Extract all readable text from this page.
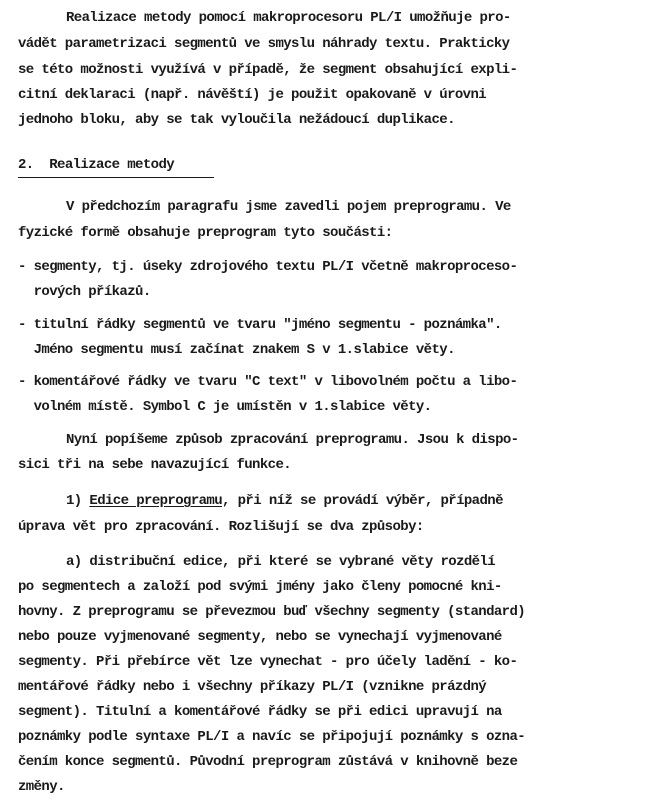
Realizace metody pomocí makroprocesoru PL/I umožňuje pro-
vádět parametrizaci segmentů ve smyslu náhrady textu. Prakticky
se této možnosti využívá v případě, že segment obsahující expli-
citní deklaraci (např. návěští) je použit opakovaně v úrovni
jednoho bloku, aby se tak vyloučila nežádoucí duplikace.
2. Realizace metody
V předchozím paragrafu jsme zavedli pojem preprogramu. Ve
fyzické formě obsahuje preprogram tyto součásti:
- segmenty, tj. úseky zdrojového textu PL/I včetně makroproceso-
rových příkazů.
- titulní řádky segmentů ve tvaru "jméno segmentu - poznámka".
Jméno segmentu musí začínat znakem S v 1.slabice věty.
- komentářové řádky ve tvaru "C text" v libovolném počtu a libo-
volném místě. Symbol C je umístěn v 1.slabice věty.
Nyní popíšeme způsob zpracování preprogramu. Jsou k dispo-
sici tři na sebe navazující funkce.
1) Edice preprogramu, při níž se provádí výběr, případně
úprava vět pro zpracování. Rozlišují se dva způsoby:
a) distribuční edice, při které se vybrané věty rozdělí
po segmentech a založí pod svými jmény jako členy pomocné kni-
hovny. Z preprogramu se převezmou buď všechny segmenty (standard)
nebo pouze vyjmenované segmenty, nebo se vynechají vyjmenované
segmenty. Při přebírce vět lze vynechat - pro účely ladění - ko-
mentářové řádky nebo i všechny příkazy PL/I (vznikne prázdný
segment). Titulní a komentářové řádky se při edici upravují na
poznámky podle syntaxe PL/I a navíc se připojují poznámky s ozna-
čením konce segmentů. Původní preprogram zůstává v knihovně beze
změny.
